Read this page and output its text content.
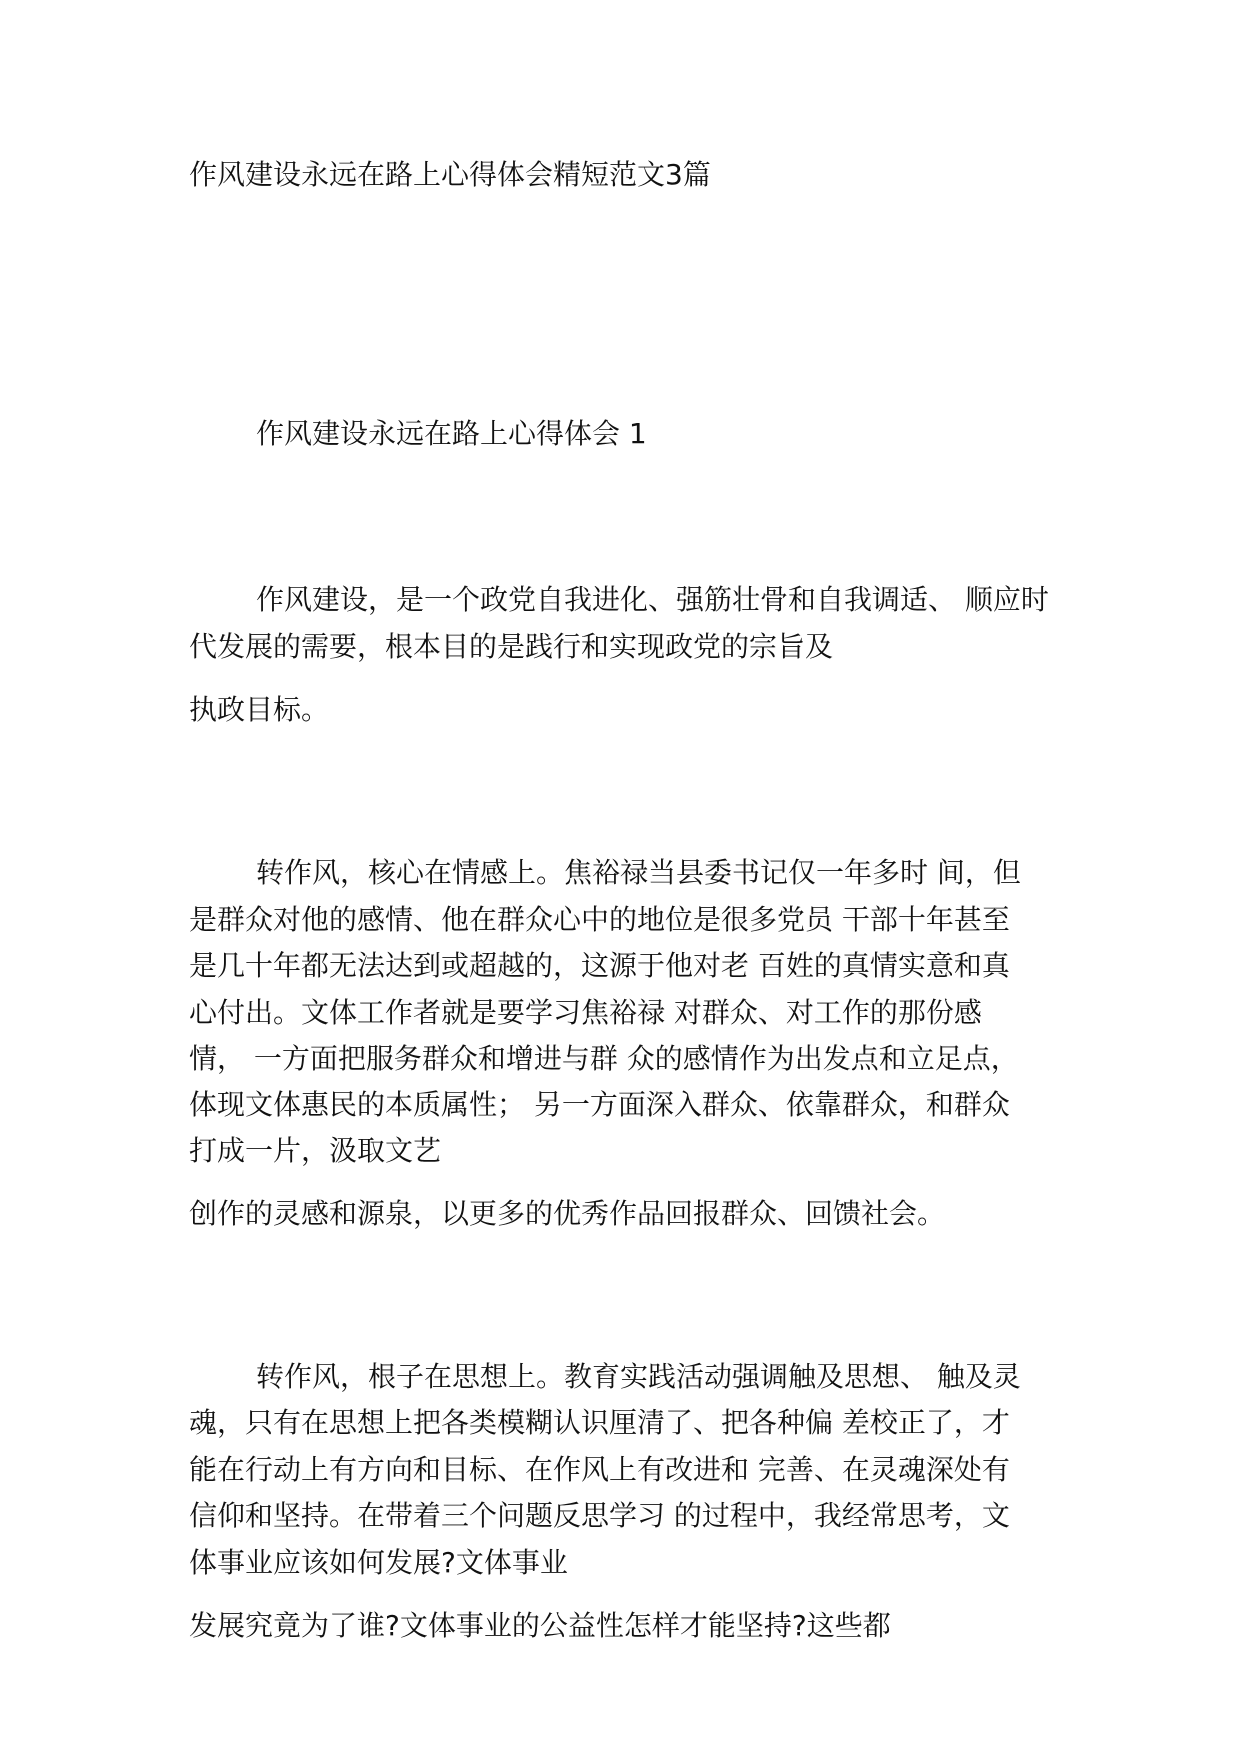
作风建设永远在路上心得体会精短范文3篇
作风建设永远在路上心得体会 1
作风建设，是一个政党自我进化、强筋壮骨和自我调适、 顺应时
代发展的需要，根本目的是践行和实现政党的宗旨及
执政目标。
转作风，核心在情感上。焦裕禄当县委书记仅一年多时 间，但
是群众对他的感情、他在群众心中的地位是很多党员 干部十年甚至
是几十年都无法达到或超越的，这源于他对老 百姓的真情实意和真
心付出。文体工作者就是要学习焦裕禄 对群众、对工作的那份感
情， 一方面把服务群众和增进与群 众的感情作为出发点和立足点，
体现文体惠民的本质属性； 另一方面深入群众、依靠群众，和群众
打成一片，汲取文艺
创作的灵感和源泉，以更多的优秀作品回报群众、回馈社会。
转作风，根子在思想上。教育实践活动强调触及思想、 触及灵
魂，只有在思想上把各类模糊认识厘清了、把各种偏 差校正了，才
能在行动上有方向和目标、在作风上有改进和 完善、在灵魂深处有
信仰和坚持。在带着三个问题反思学习 的过程中，我经常思考，文
体事业应该如何发展?文体事业
发展究竟为了谁?文体事业的公益性怎样才能坚持?这些都
